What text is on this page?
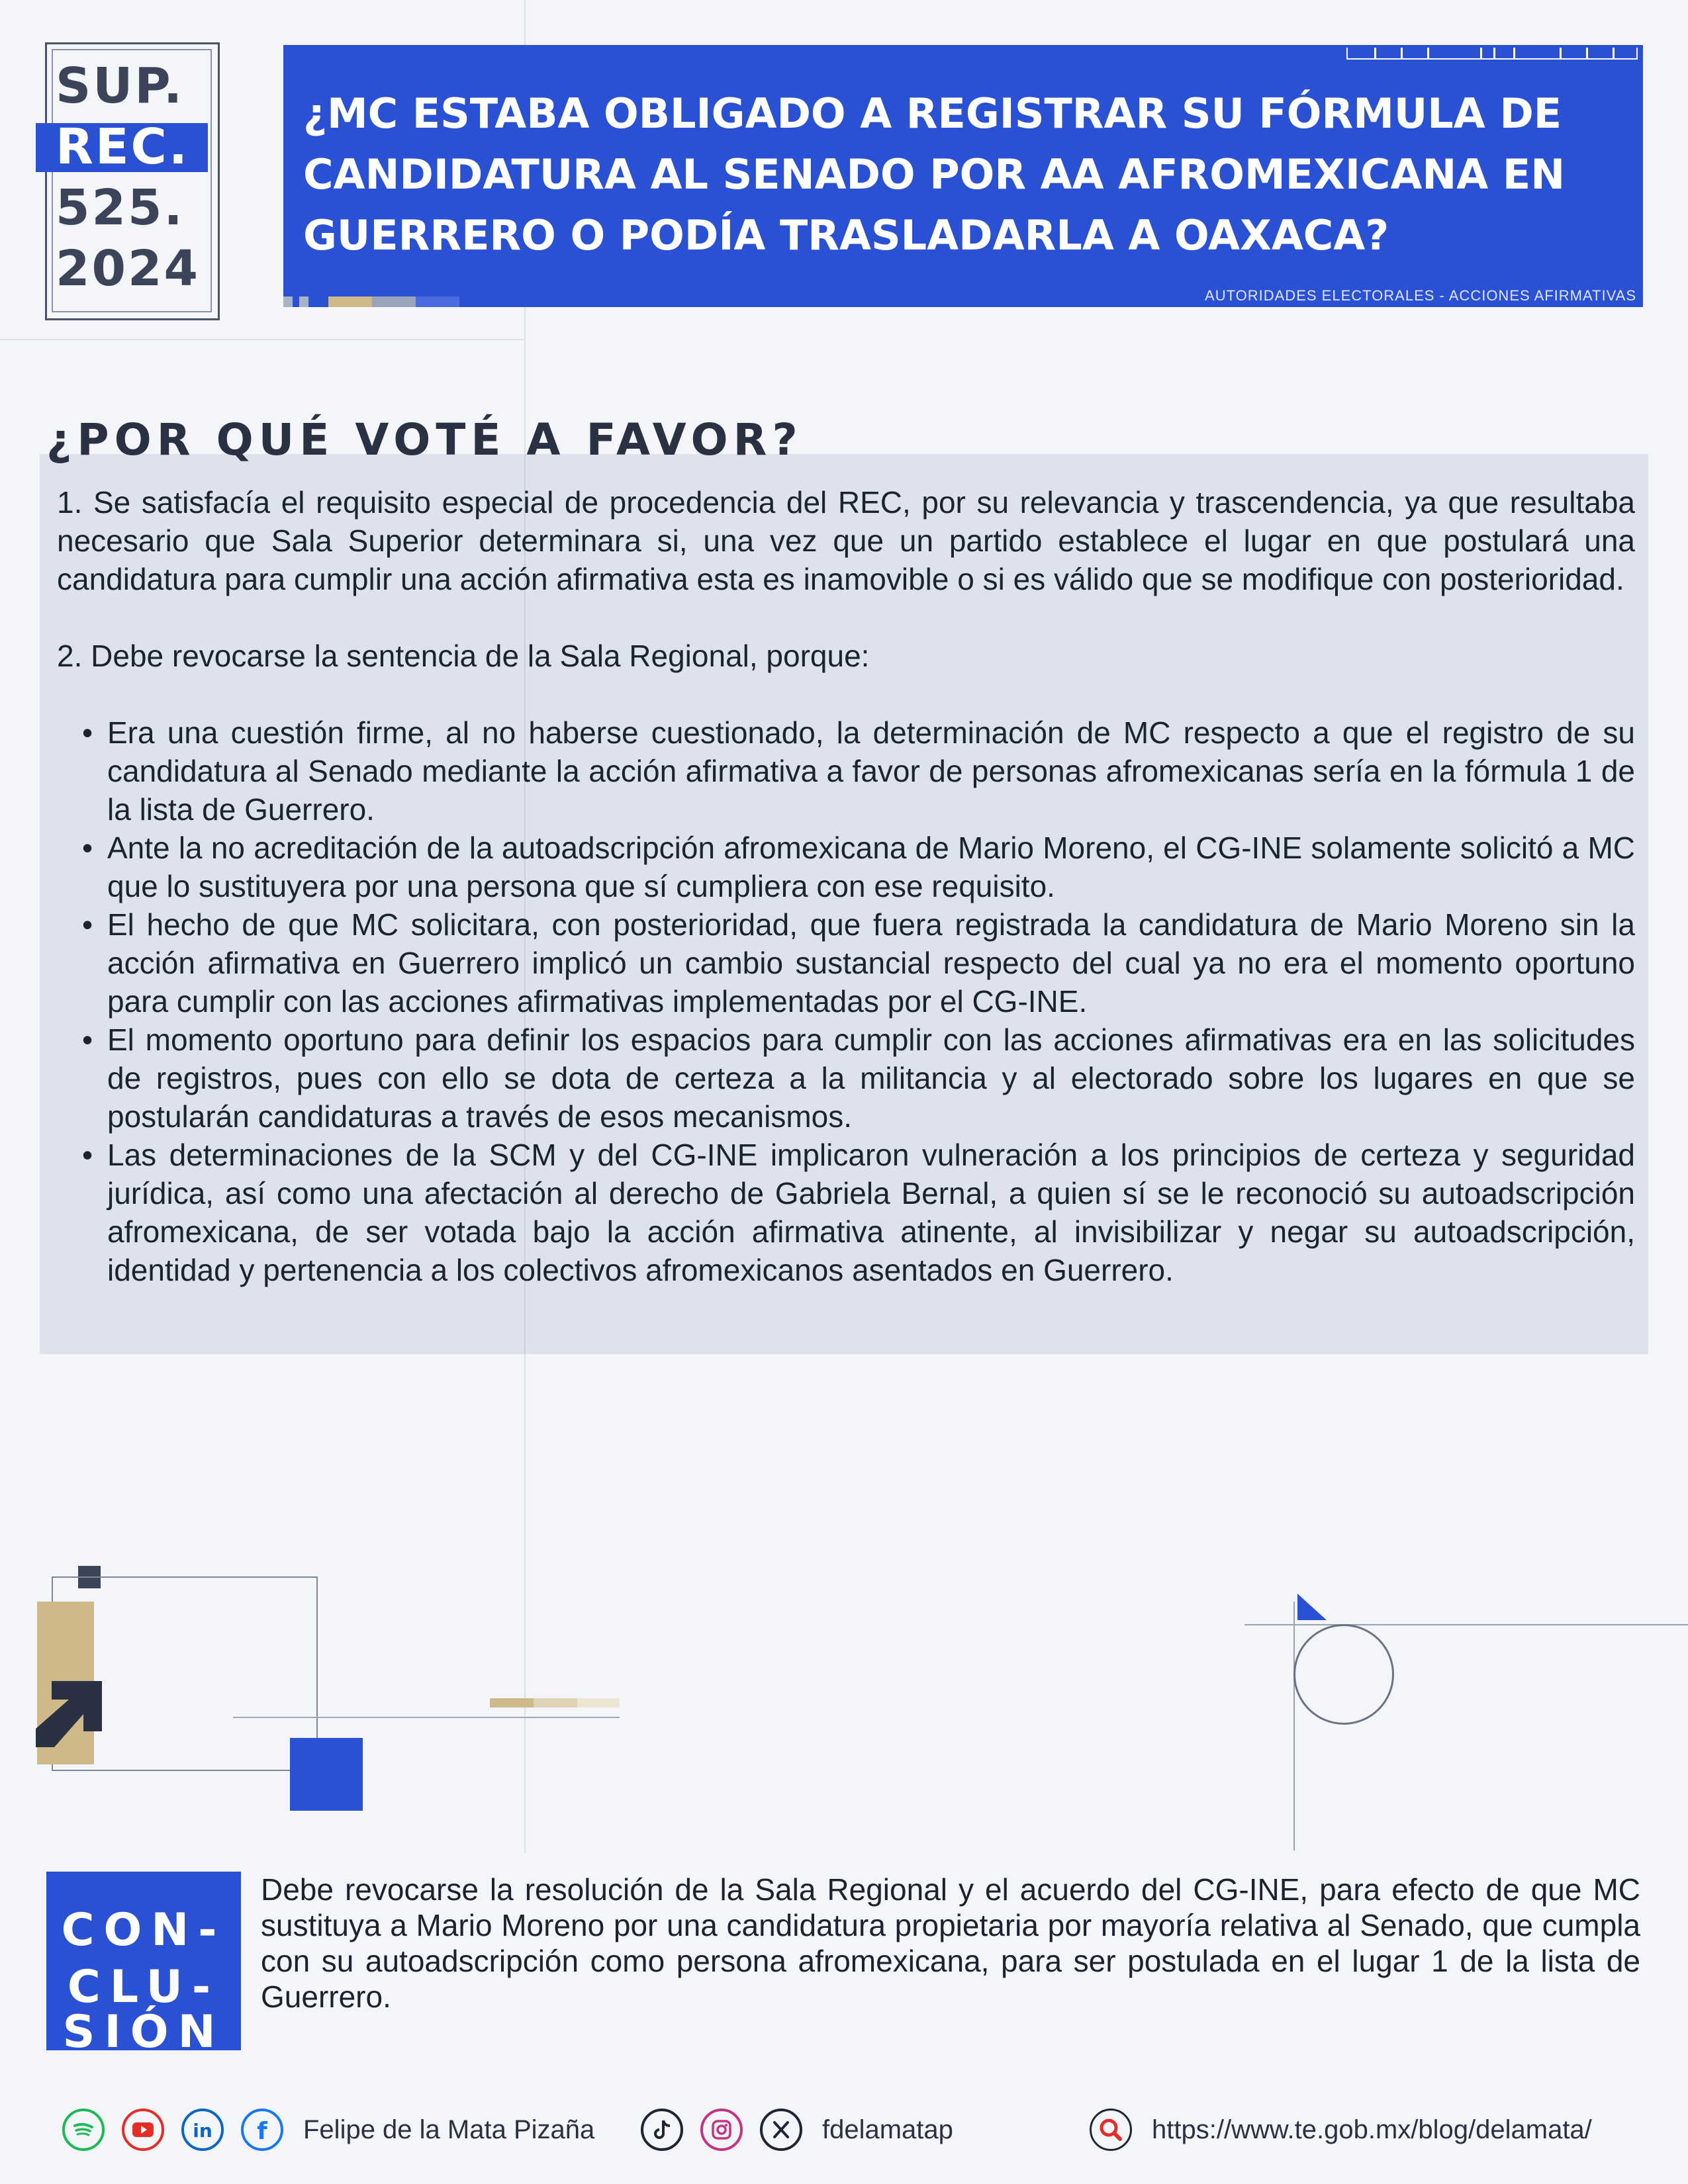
SUP.
REC.
525.
2024
¿MC ESTABA OBLIGADO A REGISTRAR SU FÓRMULA DE CANDIDATURA AL SENADO POR AA AFROMEXICANA EN GUERRERO O PODÍA TRASLADARLA A OAXACA?
AUTORIDADES ELECTORALES - ACCIONES AFIRMATIVAS
¿POR QUÉ VOTÉ A FAVOR?
1. Se satisfacía el requisito especial de procedencia del REC, por su relevancia y trascendencia, ya que resultaba necesario que Sala Superior determinara si, una vez que un partido establece el lugar en que postulará una candidatura para cumplir una acción afirmativa esta es inamovible o si es válido que se modifique con posterioridad.
2. Debe revocarse la sentencia de la Sala Regional, porque:
• Era una cuestión firme, al no haberse cuestionado, la determinación de MC respecto a que el registro de su candidatura al Senado mediante la acción afirmativa a favor de personas afromexicanas sería en la fórmula 1 de la lista de Guerrero.
• Ante la no acreditación de la autoadscripción afromexicana de Mario Moreno, el CG-INE solamente solicitó a MC que lo sustituyera por una persona que sí cumpliera con ese requisito.
• El hecho de que MC solicitara, con posterioridad, que fuera registrada la candidatura de Mario Moreno sin la acción afirmativa en Guerrero implicó un cambio sustancial respecto del cual ya no era el momento oportuno para cumplir con las acciones afirmativas implementadas por el CG-INE.
• El momento oportuno para definir los espacios para cumplir con las acciones afirmativas era en las solicitudes de registros, pues con ello se dota de certeza a la militancia y al electorado sobre los lugares en que se postularán candidaturas a través de esos mecanismos.
• Las determinaciones de la SCM y del CG-INE implicaron vulneración a los principios de certeza y seguridad jurídica, así como una afectación al derecho de Gabriela Bernal, a quien sí se le reconoció su autoadscripción afromexicana, de ser votada bajo la acción afirmativa atinente, al invisibilizar y negar su autoadscripción, identidad y pertenencia a los colectivos afromexicanos asentados en Guerrero.
CON-
CLU-
SIÓN
Debe revocarse la resolución de la Sala Regional y el acuerdo del CG-INE, para efecto de que MC sustituya a Mario Moreno por una candidatura propietaria por mayoría relativa al Senado, que cumpla con su autoadscripción como persona afromexicana, para ser postulada en el lugar 1 de la lista de Guerrero.
in f Felipe de la Mata Pizaña	fdelamatap	https://www.te.gob.mx/blog/delamata/
